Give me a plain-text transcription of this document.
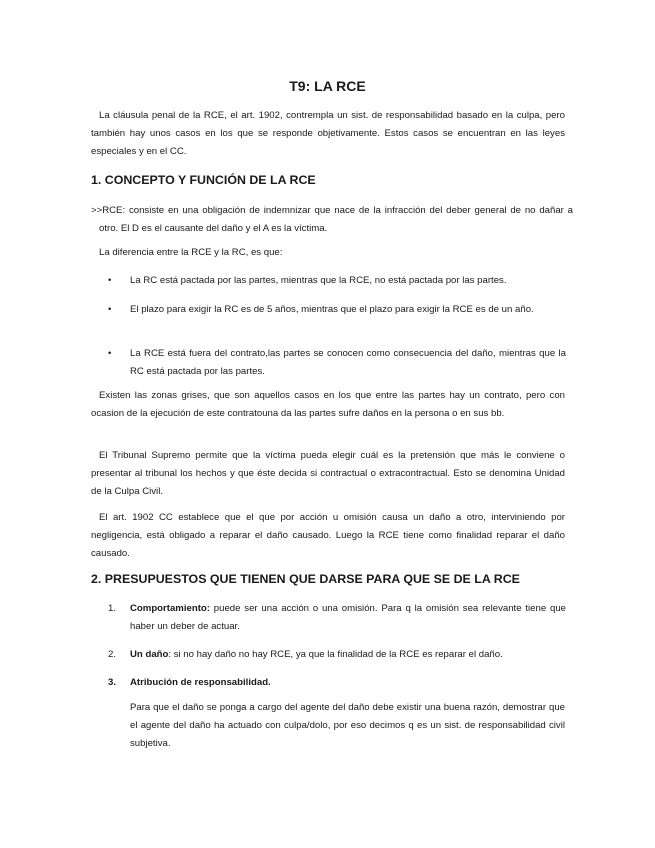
T9: LA RCE

La cláusula penal de la RCE, el art. 1902, contrempla un sist. de responsabilidad basado en la culpa, pero también hay unos casos en los que se responde objetivamente. Estos casos se encuentran en las leyes especiales y en el CC.

1. CONCEPTO Y FUNCIÓN DE LA RCE

>>RCE: consiste en una obligación de indemnizar que nace de la infracción del deber general de no dañar a otro. El D es el causante del daño y el A es la víctima.

La diferencia entre la RCE y la RC, es que:

• La RC está pactada por las partes, mientras que la RCE, no está pactada por las partes.
• El plazo para exigir la RC es de 5 años, mientras que el plazo para exigir la RCE es de un año.
• La RCE está fuera del contrato,las partes se conocen como consecuencia del daño, mientras que la RC está pactada por las partes.

Existen las zonas grises, que son aquellos casos en los que entre las partes hay un contrato, pero con ocasion de la ejecución de este contratouna da las partes sufre daños en la persona o en sus bb.

El Tribunal Supremo permite que la víctima pueda elegir cuál es la pretensión que más le conviene o presentar al tribunal los hechos y que éste decida si contractual o extracontractual. Esto se denomina Unidad de la Culpa Civil.

El art. 1902 CC establece que el que por acción u omisión causa un daño a otro, interviniendo por negligencia, está obligado a reparar el daño causado. Luego la RCE tiene como finalidad reparar el daño causado.

2. PRESUPUESTOS QUE TIENEN QUE DARSE PARA QUE SE DE LA RCE
1. Comportamiento: puede ser una acción o una omisión. Para q la omisión sea relevante tiene que haber un deber de actuar.
2. Un daño: si no hay daño no hay RCE, ya que la finalidad de la RCE es reparar el daño.
3. Atribución de responsabilidad.

Para que el daño se ponga a cargo del agente del daño debe existir una buena razón, demostrar que el agente del daño ha actuado con culpa/dolo, por eso decimos q es un sist. de responsabilidad civil subjetiva.
